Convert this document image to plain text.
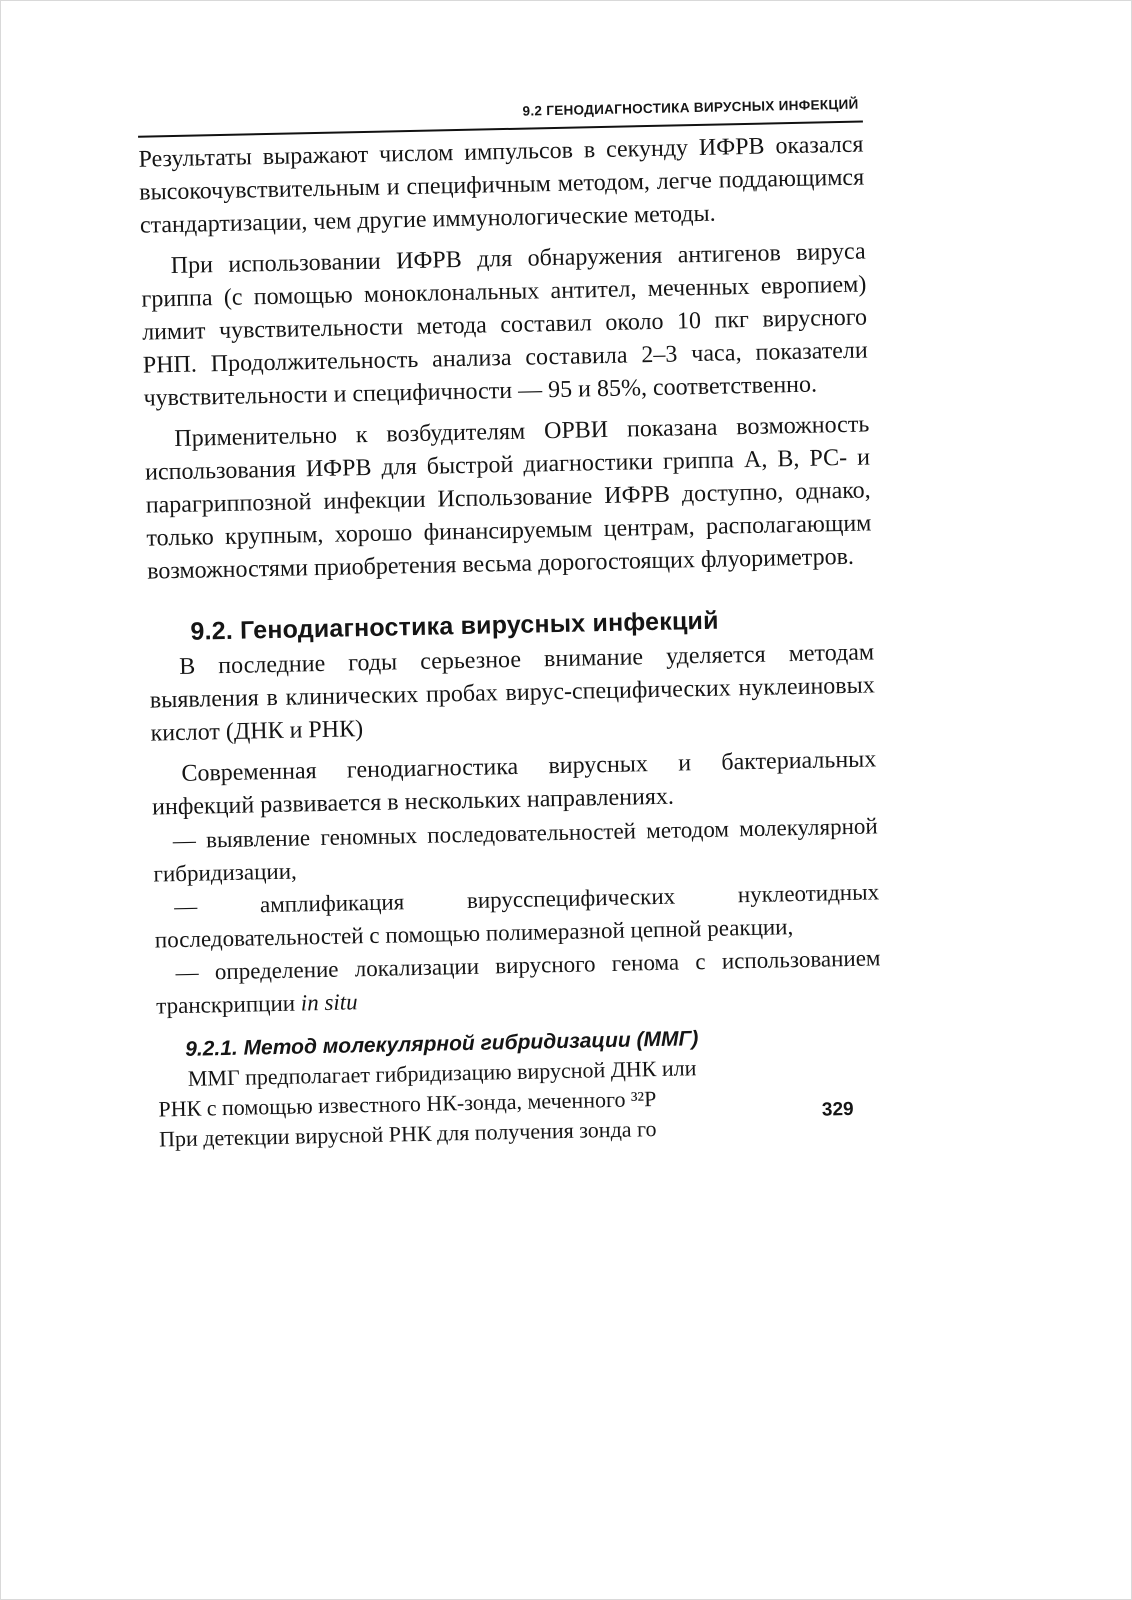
9.2 ГЕНОДИАГНОСТИКА ВИРУСНЫХ ИНФЕКЦИЙ

Результаты выражают числом импульсов в секунду ИФРВ оказался высокочувствительным и специфичным методом, легче поддающимся стандартизации, чем другие иммунологические методы.

При использовании ИФРВ для обнаружения антигенов вируса гриппа (с помощью моноклональных антител, меченных европием) лимит чувствительности метода составил около 10 пкг вирусного РНП. Продолжительность анализа составила 2–3 часа, показатели чувствительности и специфичности — 95 и 85%, соответственно.

Применительно к возбудителям ОРВИ показана возможность использования ИФРВ для быстрой диагностики гриппа А, В, РС- и парагриппозной инфекции Использование ИФРВ доступно, однако, только крупным, хорошо финансируемым центрам, располагающим возможностями приобретения весьма дорогостоящих флуориметров.

9.2. Генодиагностика вирусных инфекций

В последние годы серьезное внимание уделяется методам выявления в клинических пробах вирус-специфических нуклеиновых кислот (ДНК и РНК)

Современная генодиагностика вирусных и бактериальных инфекций развивается в нескольких направлениях.

— выявление геномных последовательностей методом молекулярной гибридизации,

— амплификация вирусспецифических нуклеотидных последовательностей с помощью полимеразной цепной реакции,

— определение локализации вирусного генома с использованием транскрипции in situ

9.2.1. Метод молекулярной гибридизации (ММГ)

ММГ предполагает гибридизацию вирусной ДНК или

РНК с помощью известного НК-зонда, меченного ³²Р

При детекции вирусной РНК для получения зонда го

329
